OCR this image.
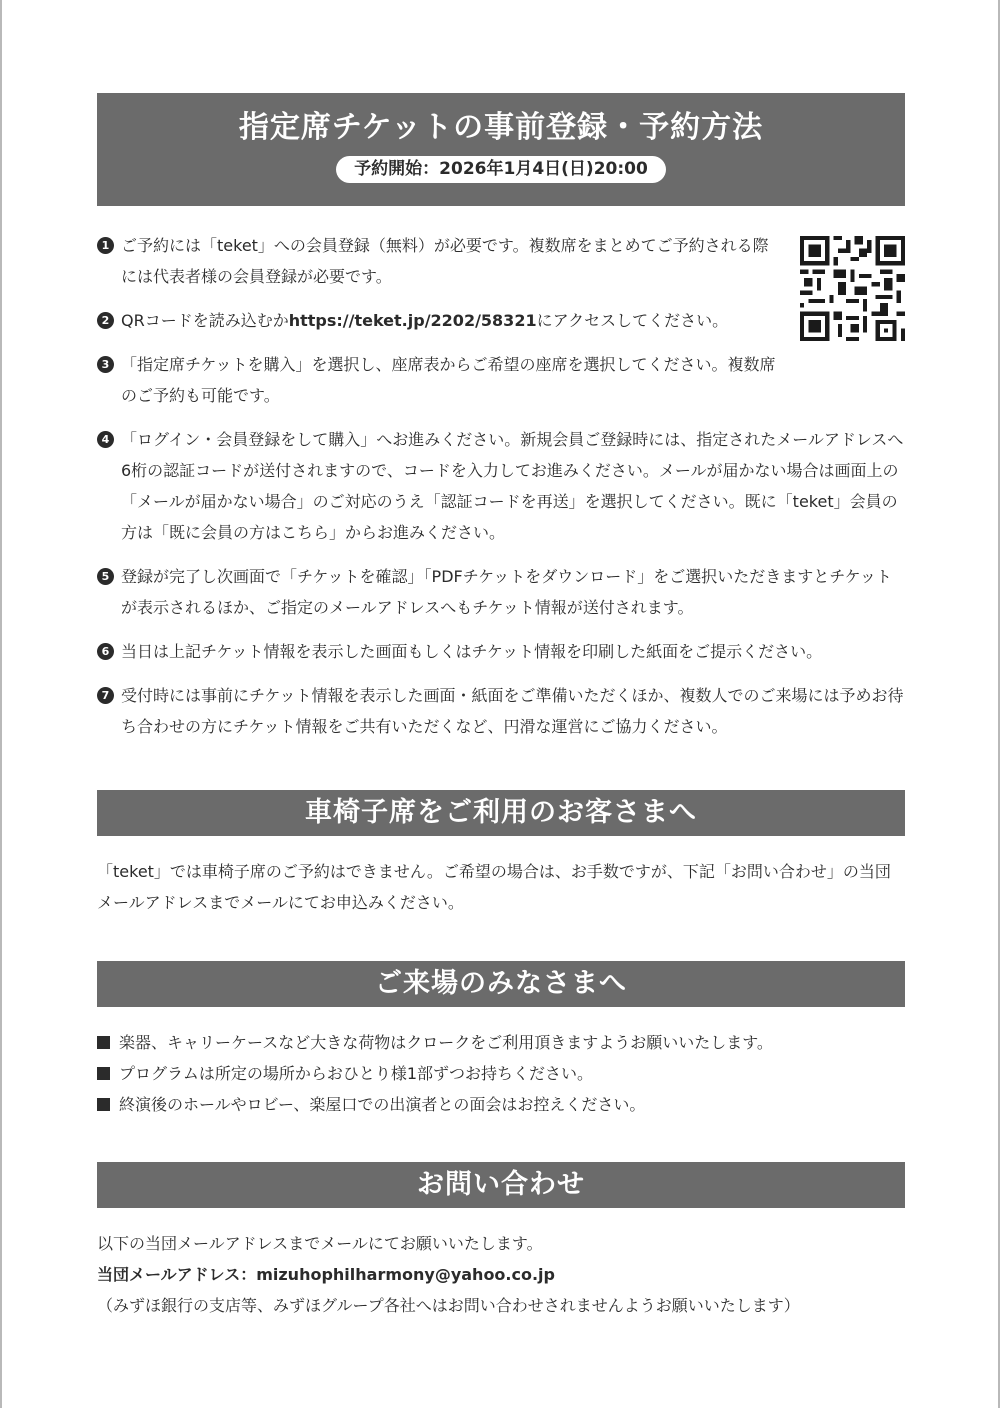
指定席チケットの事前登録・予約方法
予約開始：2026年1月4日(日)20:00
1 ご予約には「teket」への会員登録（無料）が必要です。複数席をまとめてご予約される際には代表者様の会員登録が必要です。
2 QRコードを読み込むかhttps://teket.jp/2202/58321にアクセスしてください。
3 「指定席チケットを購入」を選択し、座席表からご希望の座席を選択してください。複数席のご予約も可能です。
4 「ログイン・会員登録をして購入」へお進みください。新規会員ご登録時には、指定されたメールアドレスへ6桁の認証コードが送付されますので、コードを入力してお進みください。メールが届かない場合は画面上の「メールが届かない場合」のご対応のうえ「認証コードを再送」を選択してください。既に「teket」会員の方は「既に会員の方はこちら」からお進みください。
5 登録が完了し次画面で「チケットを確認」「PDFチケットをダウンロード」をご選択いただきますとチケットが表示されるほか、ご指定のメールアドレスへもチケット情報が送付されます。
6 当日は上記チケット情報を表示した画面もしくはチケット情報を印刷した紙面をご提示ください。
7 受付時には事前にチケット情報を表示した画面・紙面をご準備いただくほか、複数人でのご来場には予めお待ち合わせの方にチケット情報をご共有いただくなど、円滑な運営にご協力ください。
車椅子席をご利用のお客さまへ
「teket」では車椅子席のご予約はできません。ご希望の場合は、お手数ですが、下記「お問い合わせ」の当団メールアドレスまでメールにてお申込みください。
ご来場のみなさまへ
楽器、キャリーケースなど大きな荷物はクロークをご利用頂きますようお願いいたします。
プログラムは所定の場所からおひとり様1部ずつお持ちください。
終演後のホールやロビー、楽屋口での出演者との面会はお控えください。
お問い合わせ
以下の当団メールアドレスまでメールにてお願いいたします。
当団メールアドレス：mizuhophilharmony@yahoo.co.jp
（みずほ銀行の支店等、みずほグループ各社へはお問い合わせされませんようお願いいたします）
